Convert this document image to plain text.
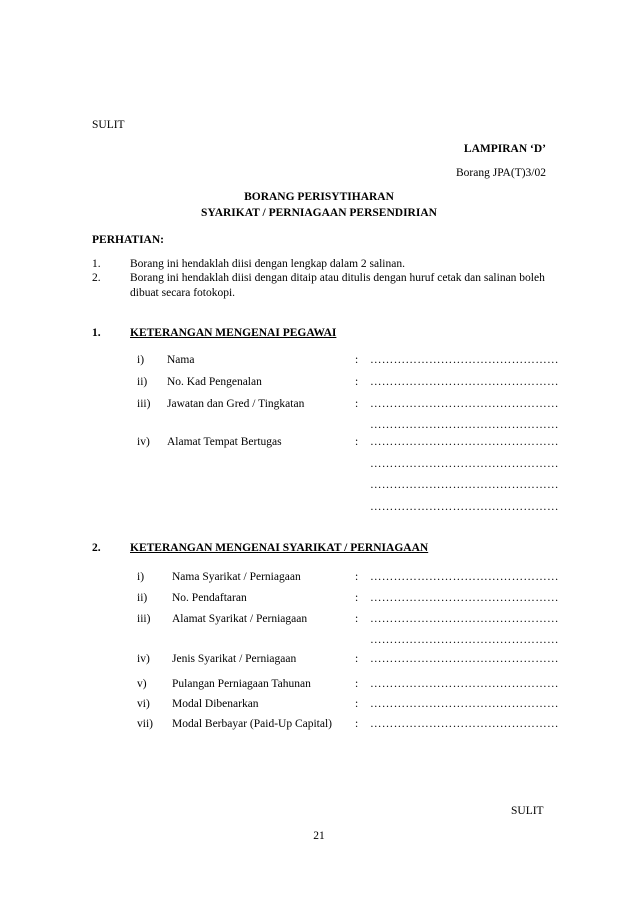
SULIT
LAMPIRAN ‘D’
Borang JPA(T)3/02
BORANG PERISYTIHARAN
SYARIKAT / PERNIAGAAN PERSENDIRIAN
PERHATIAN:
1.	Borang ini hendaklah diisi dengan lengkap dalam 2 salinan.
2.	Borang ini hendaklah diisi dengan ditaip atau ditulis dengan huruf cetak dan salinan boleh
dibuat secara fotokopi.
1.	KETERANGAN MENGENAI PEGAWAI
i) Nama	: …………………………………………
ii) No. Kad Pengenalan	: …………………………………………
iii) Jawatan dan Gred / Tingkatan	: …………………………………………
…………………………………………
iv) Alamat Tempat Bertugas	: …………………………………………
…………………………………………
…………………………………………
…………………………………………
2.	KETERANGAN MENGENAI SYARIKAT / PERNIAGAAN
i) Nama Syarikat / Perniagaan	: …………………………………………
ii) No. Pendaftaran	: …………………………………………
iii) Alamat Syarikat / Perniagaan	: …………………………………………
…………………………………………
iv) Jenis Syarikat / Perniagaan	: …………………………………………
v) Pulangan Perniagaan Tahunan	: …………………………………………
vi) Modal Dibenarkan	: …………………………………………
vii) Modal Berbayar (Paid-Up Capital) : …………………………………………
SULIT
21
